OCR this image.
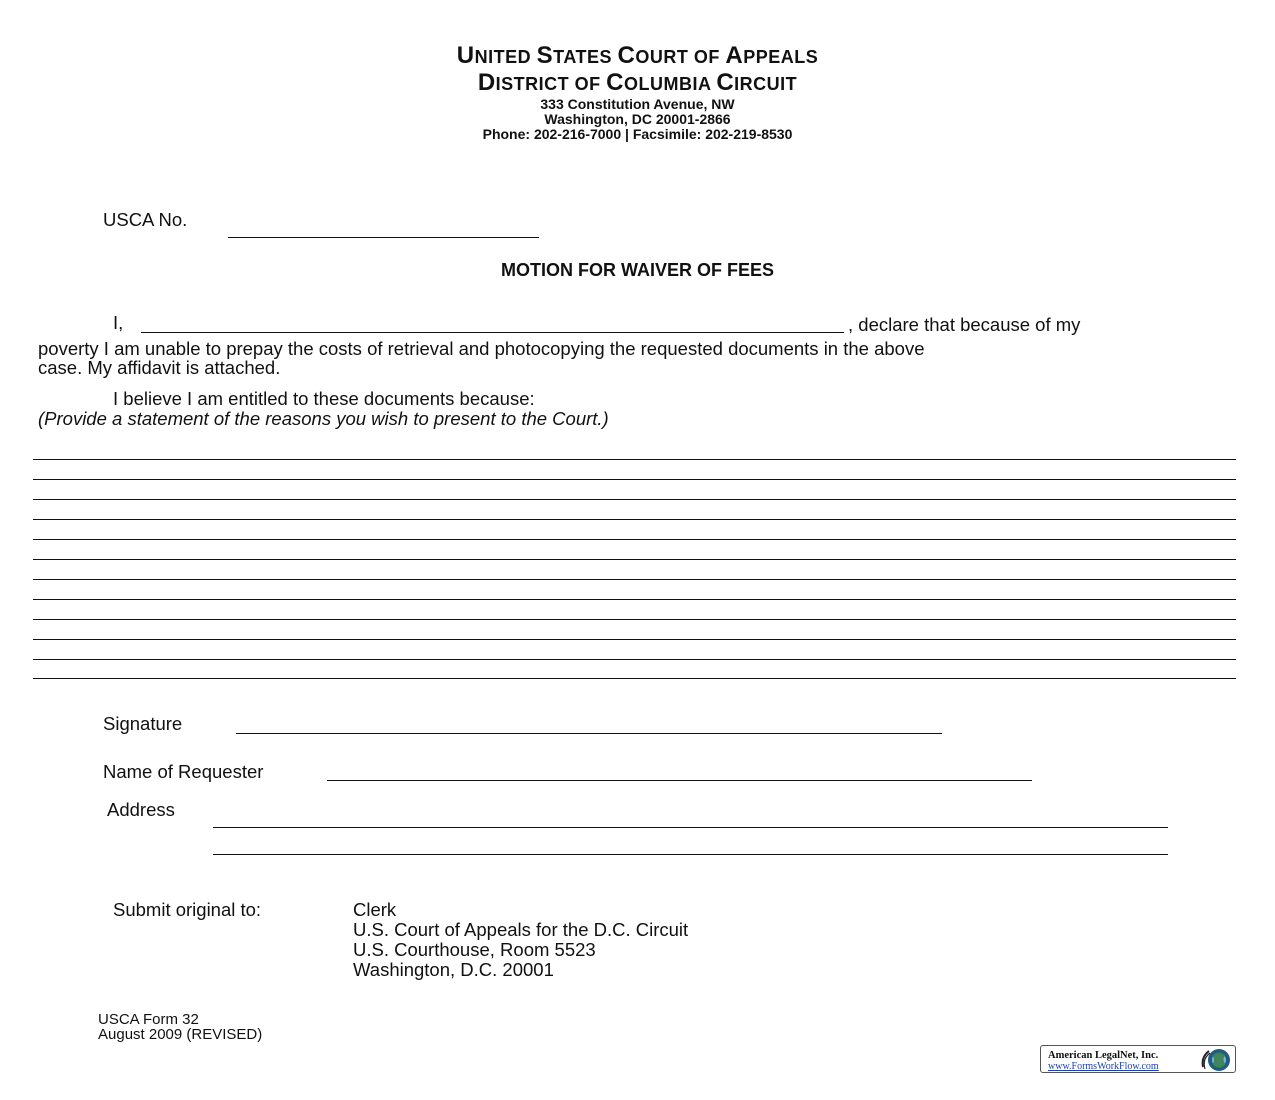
UNITED STATES COURT OF APPEALS
DISTRICT OF COLUMBIA CIRCUIT
333 Constitution Avenue, NW
Washington, DC 20001-2866
Phone: 202-216-7000 | Facsimile: 202-219-8530
USCA No.
MOTION FOR WAIVER OF FEES
I,	, declare that because of my
poverty I am unable to prepay the costs of retrieval and photocopying the requested documents in the above
case. My affidavit is attached.
I believe I am entitled to these documents because:
(Provide a statement of the reasons you wish to present to the Court.)
Signature
Name of Requester
Address
Submit original to:	Clerk
U.S. Court of Appeals for the D.C. Circuit
U.S. Courthouse, Room 5523
Washington, D.C. 20001
USCA Form 32
August 2009 (REVISED)
American LegalNet, Inc.
www.FormsWorkFlow.com
